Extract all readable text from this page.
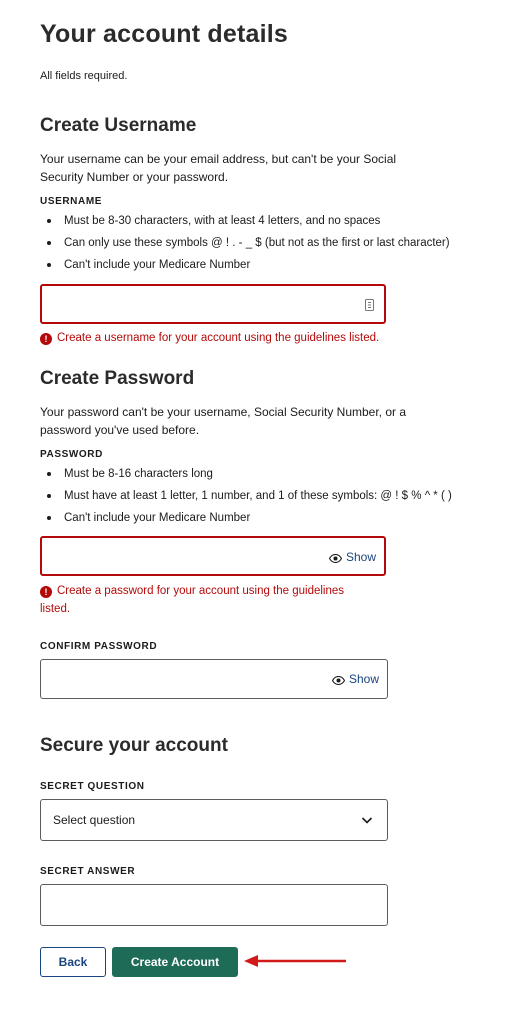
Your account details
All fields required.
Create Username
Your username can be your email address, but can't be your Social
Security Number or your password.
USERNAME
Must be 8-30 characters, with at least 4 letters, and no spaces
Can only use these symbols @ ! . - _ $ (but not as the first or last character)
Can't include your Medicare Number
! Create a username for your account using the guidelines listed.
Create Password
Your password can't be your username, Social Security Number, or a
password you've used before.
PASSWORD
Must be 8-16 characters long
Must have at least 1 letter, 1 number, and 1 of these symbols: @ ! $ % ^ * ( )
Can't include your Medicare Number
Show
! Create a password for your account using the guidelines
listed.
CONFIRM PASSWORD
Show
Secure your account
SECRET QUESTION
Select question
SECRET ANSWER
Back	Create Account
